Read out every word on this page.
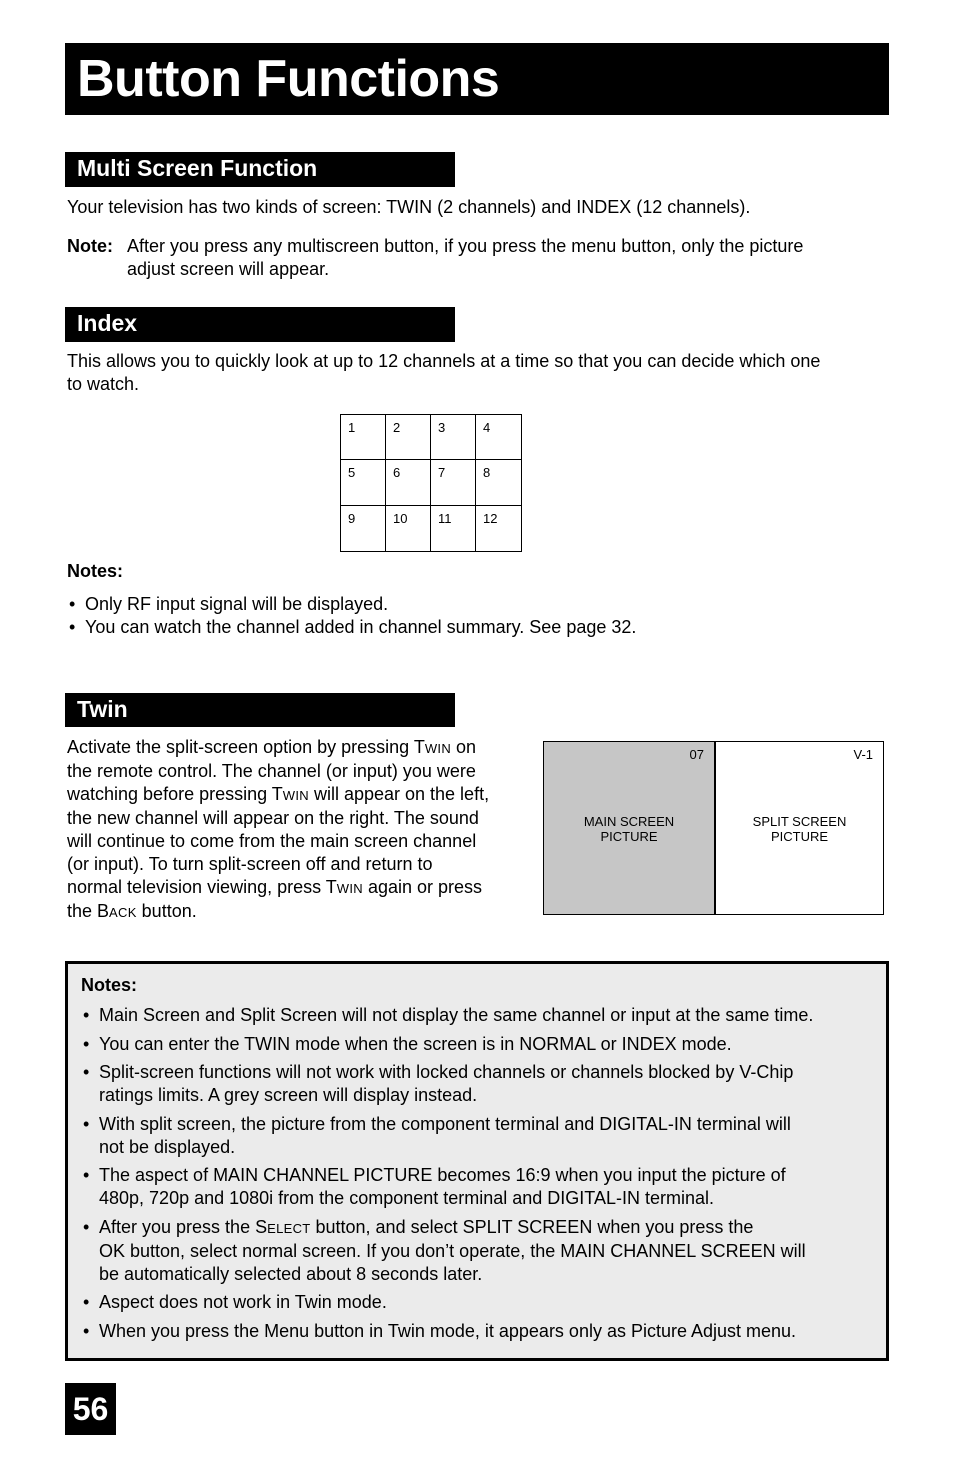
Button Functions
Multi Screen Function
Your television has two kinds of screen: TWIN (2 channels) and INDEX (12 channels).
Note: After you press any multiscreen button, if you press the menu button, only the picture
adjust screen will appear.
Index
This allows you to quickly look at up to 12 channels at a time so that you can decide which one
to watch.
1	2	3	4
5	6	7	8
9	10	11	12
Notes:
• Only RF input signal will be displayed.
• You can watch the channel added in channel summary. See page 32.
Twin
Activate the split-screen option by pressing TWIN on
the remote control. The channel (or input) you were
watching before pressing TWIN will appear on the left,
the new channel will appear on the right. The sound
will continue to come from the main screen channel
(or input). To turn split-screen off and return to
normal television viewing, press TWIN again or press
the BACK button.
07
MAIN SCREEN
PICTURE
V-1
SPLIT SCREEN
PICTURE
Notes:
• Main Screen and Split Screen will not display the same channel or input at the same time.
• You can enter the TWIN mode when the screen is in NORMAL or INDEX mode.
• Split-screen functions will not work with locked channels or channels blocked by V-Chip
ratings limits. A grey screen will display instead.
• With split screen, the picture from the component terminal and DIGITAL-IN terminal will
not be displayed.
• The aspect of MAIN CHANNEL PICTURE becomes 16:9 when you input the picture of
480p, 720p and 1080i from the component terminal and DIGITAL-IN terminal.
• After you press the SELECT button, and select SPLIT SCREEN when you press the
OK button, select normal screen. If you don’t operate, the MAIN CHANNEL SCREEN will
be automatically selected about 8 seconds later.
• Aspect does not work in Twin mode.
• When you press the Menu button in Twin mode, it appears only as Picture Adjust menu.
56
